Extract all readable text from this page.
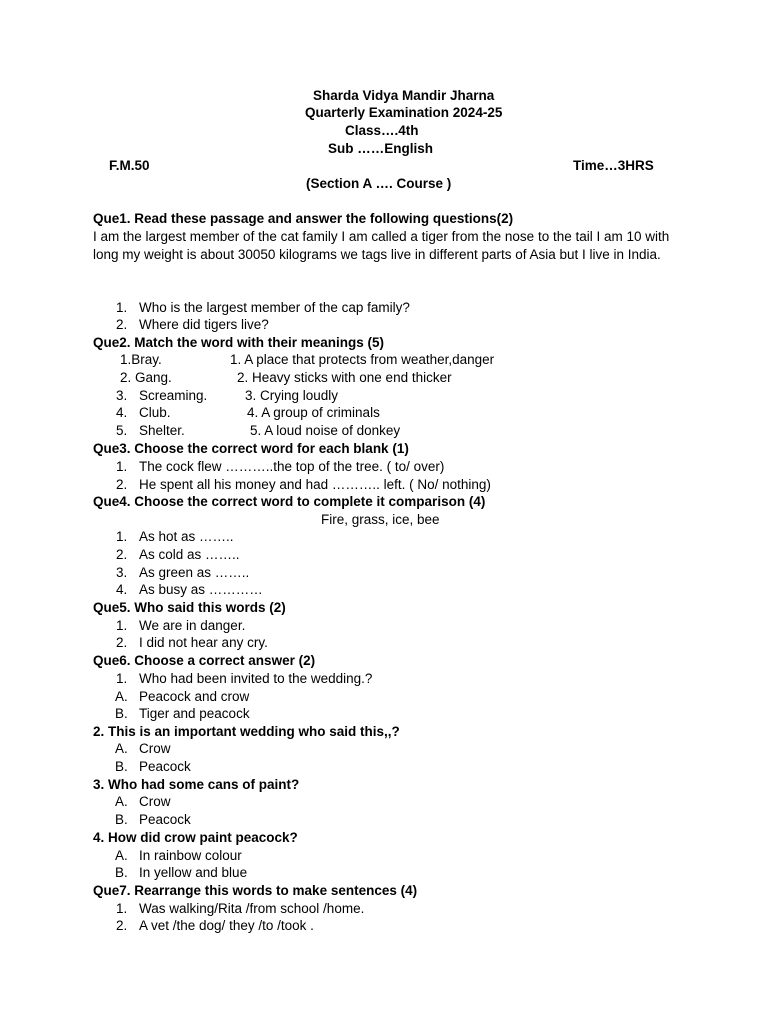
Sharda Vidya Mandir Jharna
Quarterly Examination 2024-25
Class….4th
Sub ……English
F.M.50	Time…3HRS
(Section A …. Course )
Que1. Read these passage and answer the following questions(2)
I am the largest member of the cat family I am called a tiger from the nose to the tail I am 10 with long my weight is about 30050 kilograms we tags live in different parts of Asia but I live in India.
1. Who is the largest member of the cap family?
2. Where did tigers live?
Que2. Match the word with their meanings (5)
1.Bray.	1. A place that protects from weather,danger
2. Gang.	2. Heavy sticks with one end thicker
3. Screaming.	3. Crying loudly
4. Club.	4. A group of criminals
5. Shelter.	5. A loud noise of donkey
Que3. Choose the correct word for each blank (1)
1. The cock flew ………..the top of the tree. ( to/ over)
2. He spent all his money and had ……….. left. ( No/ nothing)
Que4. Choose the correct word to complete it comparison (4)
Fire, grass, ice, bee
1. As hot as ……..
2. As cold as ……..
3. As green as ……..
4. As busy as …………
Que5. Who said this words (2)
1. We are in danger.
2. I did not hear any cry.
Que6. Choose a correct answer (2)
1. Who had been invited to the wedding.?
A. Peacock and crow
B. Tiger and peacock
2. This is an important wedding who said this,,?
A. Crow
B. Peacock
3. Who had some cans of paint?
A. Crow
B. Peacock
4. How did crow paint peacock?
A. In rainbow colour
B. In yellow and blue
Que7. Rearrange this words to make sentences (4)
1. Was walking/Rita /from school /home.
2. A vet /the dog/ they /to /took .
